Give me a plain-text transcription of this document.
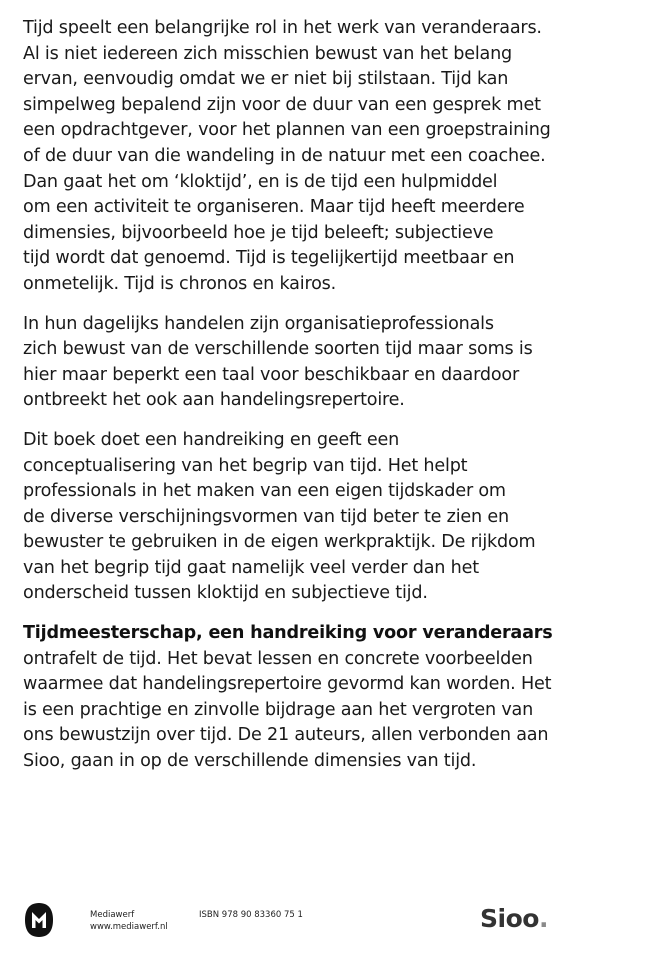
Tijd speelt een belangrijke rol in het werk van veranderaars.
Al is niet iedereen zich misschien bewust van het belang
ervan, eenvoudig omdat we er niet bij stilstaan. Tijd kan
simpelweg bepalend zijn voor de duur van een gesprek met
een opdrachtgever, voor het plannen van een groepstraining
of de duur van die wandeling in de natuur met een coachee.
Dan gaat het om ‘kloktijd’, en is de tijd een hulpmiddel
om een activiteit te organiseren. Maar tijd heeft meerdere
dimensies, bijvoorbeeld hoe je tijd beleeft; subjectieve
tijd wordt dat genoemd. Tijd is tegelijkertijd meetbaar en
onmetelijk. Tijd is chronos en kairos.

In hun dagelijks handelen zijn organisatieprofessionals
zich bewust van de verschillende soorten tijd maar soms is
hier maar beperkt een taal voor beschikbaar en daardoor
ontbreekt het ook aan handelingsrepertoire.

Dit boek doet een handreiking en geeft een
conceptualisering van het begrip van tijd. Het helpt
professionals in het maken van een eigen tijdskader om
de diverse verschijningsvormen van tijd beter te zien en
bewuster te gebruiken in de eigen werkpraktijk. De rijkdom
van het begrip tijd gaat namelijk veel verder dan het
onderscheid tussen kloktijd en subjectieve tijd.

Tijdmeesterschap, een handreiking voor veranderaars
ontrafelt de tijd. Het bevat lessen en concrete voorbeelden
waarmee dat handelingsrepertoire gevormd kan worden. Het
is een prachtige en zinvolle bijdrage aan het vergroten van
ons bewustzijn over tijd. De 21 auteurs, allen verbonden aan
Sioo, gaan in op de verschillende dimensies van tijd.

Mediawerf
www.mediawerf.nl
ISBN 978 90 83360 75 1	Sioo.
